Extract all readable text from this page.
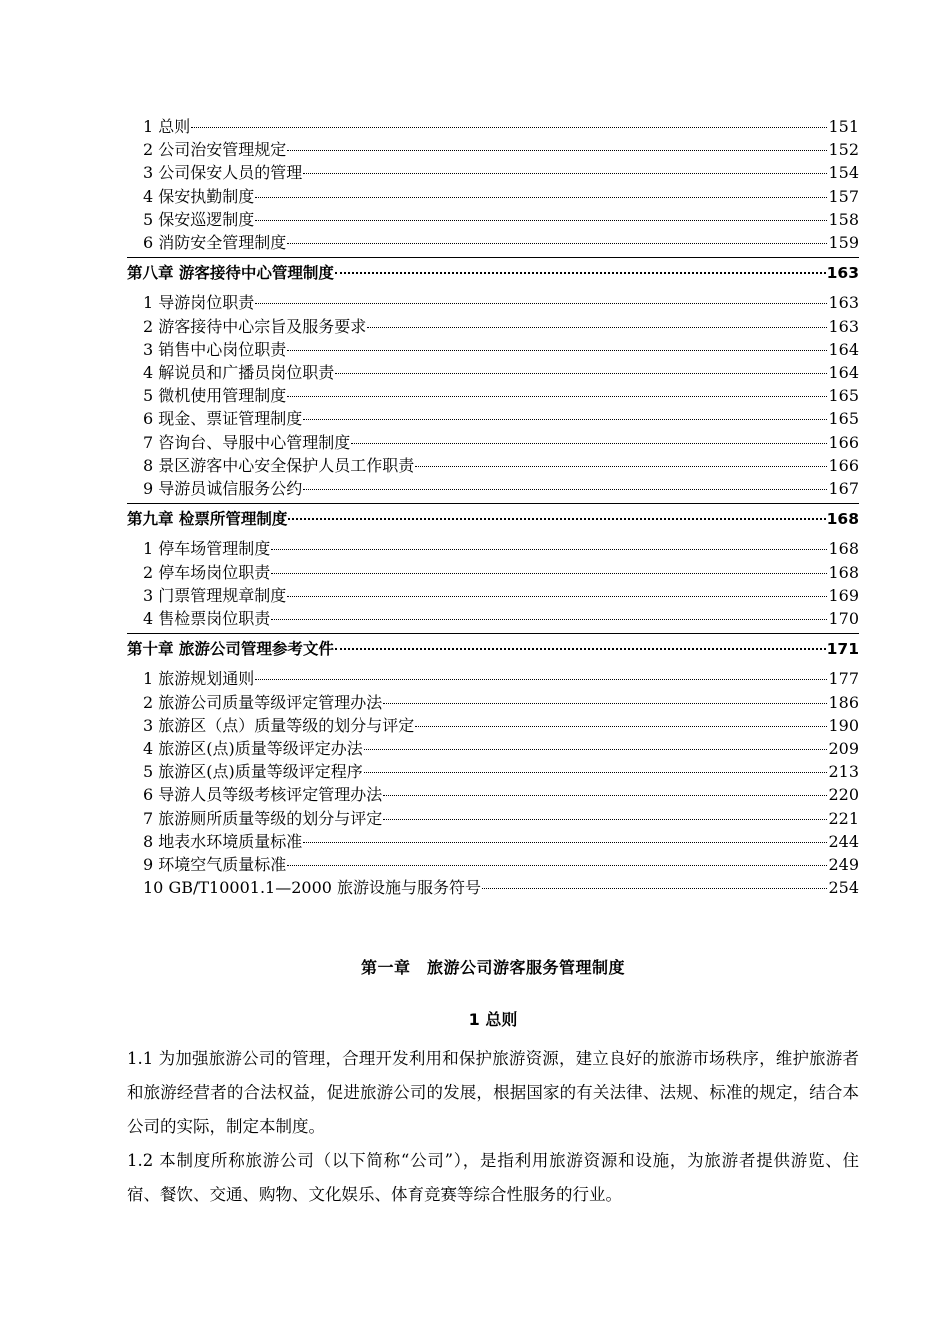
1 总则	151
2 公司治安管理规定	152
3 公司保安人员的管理	154
4 保安执勤制度	157
5 保安巡逻制度	158
6 消防安全管理制度	159
第八章 游客接待中心管理制度	163
1 导游岗位职责	163
2 游客接待中心宗旨及服务要求	163
3 销售中心岗位职责	164
4 解说员和广播员岗位职责	164
5 微机使用管理制度	165
6 现金、票证管理制度	165
7 咨询台、导服中心管理制度	166
8 景区游客中心安全保护人员工作职责	166
9 导游员诚信服务公约	167
第九章 检票所管理制度	168
1 停车场管理制度	168
2 停车场岗位职责	168
3 门票管理规章制度	169
4 售检票岗位职责	170
第十章 旅游公司管理参考文件	171
1 旅游规划通则	177
2 旅游公司质量等级评定管理办法	186
3 旅游区（点）质量等级的划分与评定	190
4 旅游区(点)质量等级评定办法	209
5 旅游区(点)质量等级评定程序	213
6 导游人员等级考核评定管理办法	220
7 旅游厕所质量等级的划分与评定	221
8 地表水环境质量标准	244
9 环境空气质量标准	249
10 GB/T10001.1—2000 旅游设施与服务符号	254
第一章　旅游公司游客服务管理制度
1 总则

1.1 为加强旅游公司的管理，合理开发利用和保护旅游资源，建立良好的旅游市场秩序，维护旅游者和旅游经营者的合法权益，促进旅游公司的发展，根据国家的有关法律、法规、标准的规定，结合本公司的实际，制定本制度。

1.2 本制度所称旅游公司（以下简称“公司”），是指利用旅游资源和设施，为旅游者提供游览、住宿、餐饮、交通、购物、文化娱乐、体育竞赛等综合性服务的行业。
